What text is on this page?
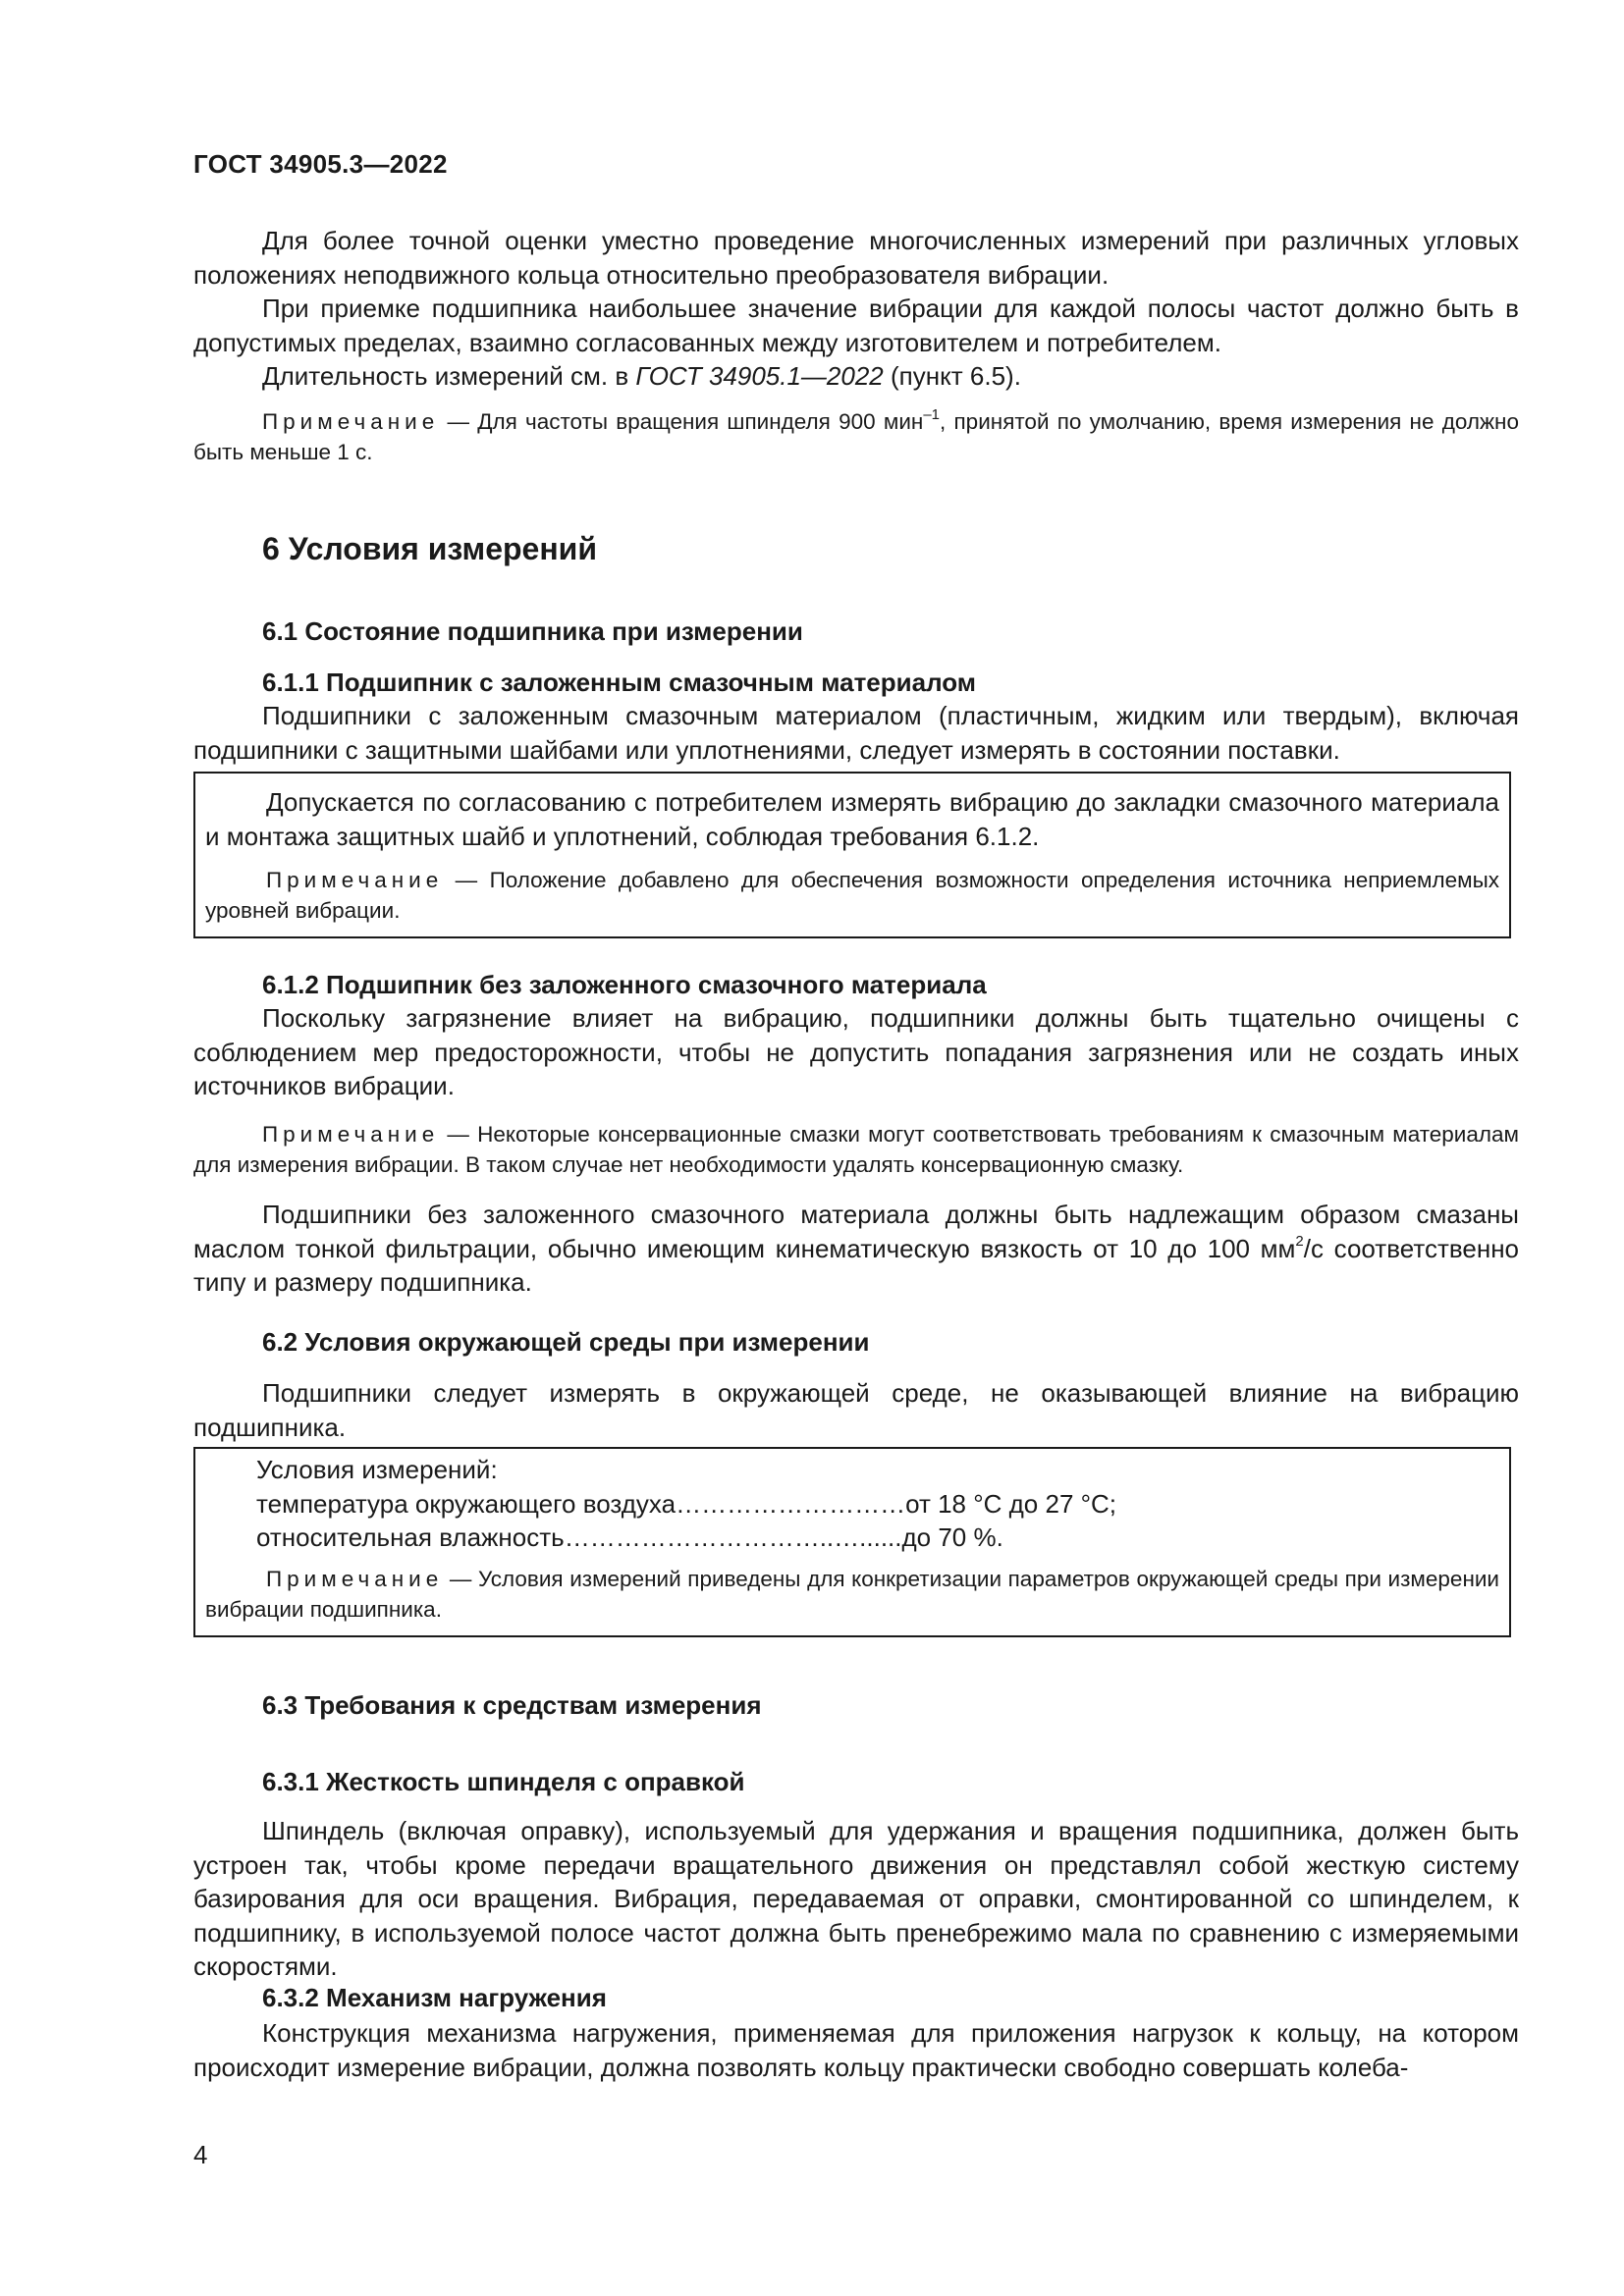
ГОСТ 34905.3—2022

Для более точной оценки уместно проведение многочисленных измерений при различных угловых положениях неподвижного кольца относительно преобразователя вибрации.

При приемке подшипника наибольшее значение вибрации для каждой полосы частот должно быть в допустимых пределах, взаимно согласованных между изготовителем и потребителем.

Длительность измерений см. в ГОСТ 34905.1—2022 (пункт 6.5).

Примечание — Для частоты вращения шпинделя 900 мин$^{-1}$, принятой по умолчанию, время измерения не должно быть меньше 1 с.

6 Условия измерений
6.1 Состояние подшипника при измерении
6.1.1 Подшипник с заложенным смазочным материалом

Подшипники с заложенным смазочным материалом (пластичным, жидким или твердым), включая подшипники с защитными шайбами или уплотнениями, следует измерять в состоянии поставки.

Допускается по согласованию с потребителем измерять вибрацию до закладки смазочного материала и монтажа защитных шайб и уплотнений, соблюдая требования 6.1.2.

Примечание — Положение добавлено для обеспечения возможности определения источника неприемлемых уровней вибрации.

6.1.2 Подшипник без заложенного смазочного материала

Поскольку загрязнение влияет на вибрацию, подшипники должны быть тщательно очищены с соблюдением мер предосторожности, чтобы не допустить попадания загрязнения или не создать иных источников вибрации.

Примечание — Некоторые консервационные смазки могут соответствовать требованиям к смазочным материалам для измерения вибрации. В таком случае нет необходимости удалять консервационную смазку.

Подшипники без заложенного смазочного материала должны быть надлежащим образом смазаны маслом тонкой фильтрации, обычно имеющим кинематическую вязкость от 10 до 100 $мм^2/с$ соответственно типу и размеру подшипника.

6.2 Условия окружающей среды при измерении

Подшипники следует измерять в окружающей среде, не оказывающей влияние на вибрацию подшипника.

Условия измерений:
температура окружающего воздуха………………………от 18 °С до 27 °С;
относительная влажность…………………………..…......до 70 %.

Примечание — Условия измерений приведены для конкретизации параметров окружающей среды при измерении вибрации подшипника.

6.3 Требования к средствам измерения
6.3.1 Жесткость шпинделя с оправкой

Шпиндель (включая оправку), используемый для удержания и вращения подшипника, должен быть устроен так, чтобы кроме передачи вращательного движения он представлял собой жесткую систему базирования для оси вращения. Вибрация, передаваемая от оправки, смонтированной со шпинделем, к подшипнику, в используемой полосе частот должна быть пренебрежимо мала по сравнению с измеряемыми скоростями.

6.3.2 Механизм нагружения

Конструкция механизма нагружения, применяемая для приложения нагрузок к кольцу, на котором происходит измерение вибрации, должна позволять кольцу практически свободно совершать колеба-

4
